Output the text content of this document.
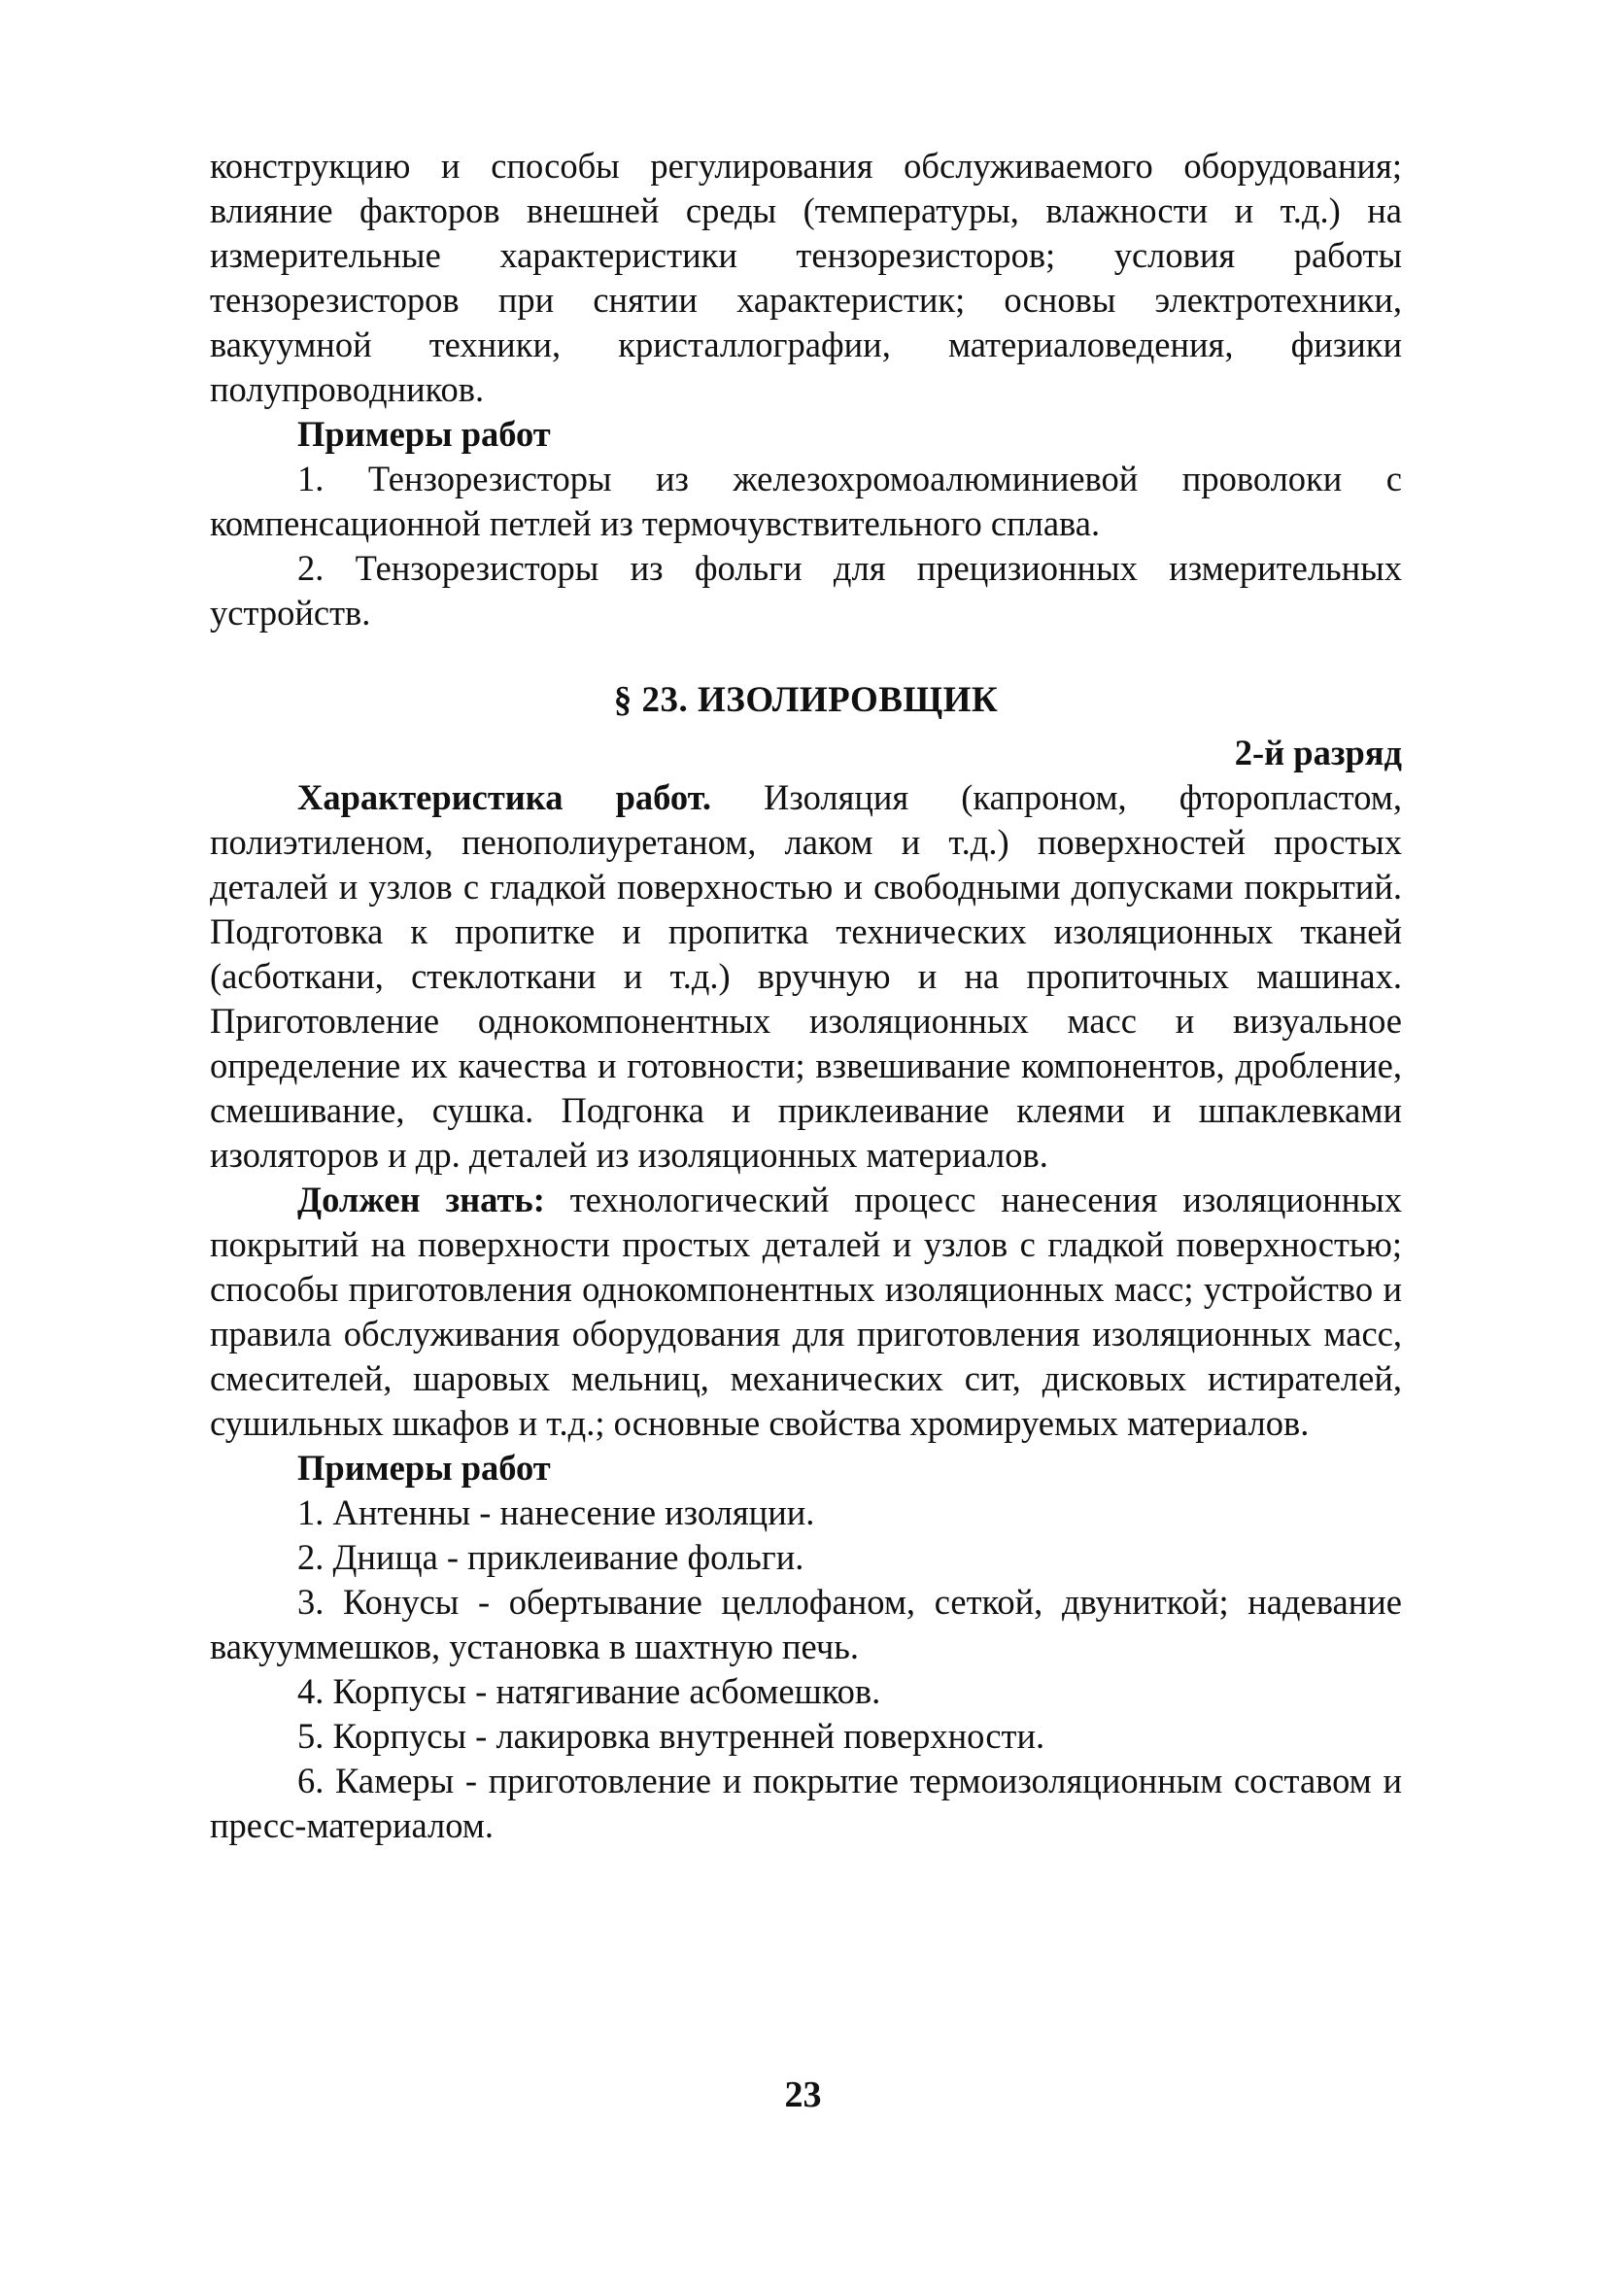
конструкцию и способы регулирования обслуживаемого оборудования; влияние факторов внешней среды (температуры, влажности и т.д.) на измерительные характеристики тензорезисторов; условия работы тензорезисторов при снятии характеристик; основы электротехники, вакуумной техники, кристаллографии, материаловедения, физики полупроводников.

Примеры работ

1. Тензорезисторы из железохромоалюминиевой проволоки с компенсационной петлей из термочувствительного сплава.

2. Тензорезисторы из фольги для прецизионных измерительных устройств.

§ 23. ИЗОЛИРОВЩИК

2-й разряд

Характеристика работ. Изоляция (капроном, фторопластом, полиэтиленом, пенополиуретаном, лаком и т.д.) поверхностей простых деталей и узлов с гладкой поверхностью и свободными допусками покрытий. Подготовка к пропитке и пропитка технических изоляционных тканей (асботкани, стеклоткани и т.д.) вручную и на пропиточных машинах. Приготовление однокомпонентных изоляционных масс и визуальное определение их качества и готовности; взвешивание компонентов, дробление, смешивание, сушка. Подгонка и приклеивание клеями и шпаклевками изоляторов и др. деталей из изоляционных материалов.

Должен знать: технологический процесс нанесения изоляционных покрытий на поверхности простых деталей и узлов с гладкой поверхностью; способы приготовления однокомпонентных изоляционных масс; устройство и правила обслуживания оборудования для приготовления изоляционных масс, смесителей, шаровых мельниц, механических сит, дисковых истирателей, сушильных шкафов и т.д.; основные свойства хромируемых материалов.

Примеры работ

1. Антенны - нанесение изоляции.

2. Днища - приклеивание фольги.

3. Конусы - обертывание целлофаном, сеткой, двуниткой; надевание вакууммешков, установка в шахтную печь.

4. Корпусы - натягивание асбомешков.

5. Корпусы - лакировка внутренней поверхности.

6. Камеры - приготовление и покрытие термоизоляционным составом и пресс-материалом.

23
